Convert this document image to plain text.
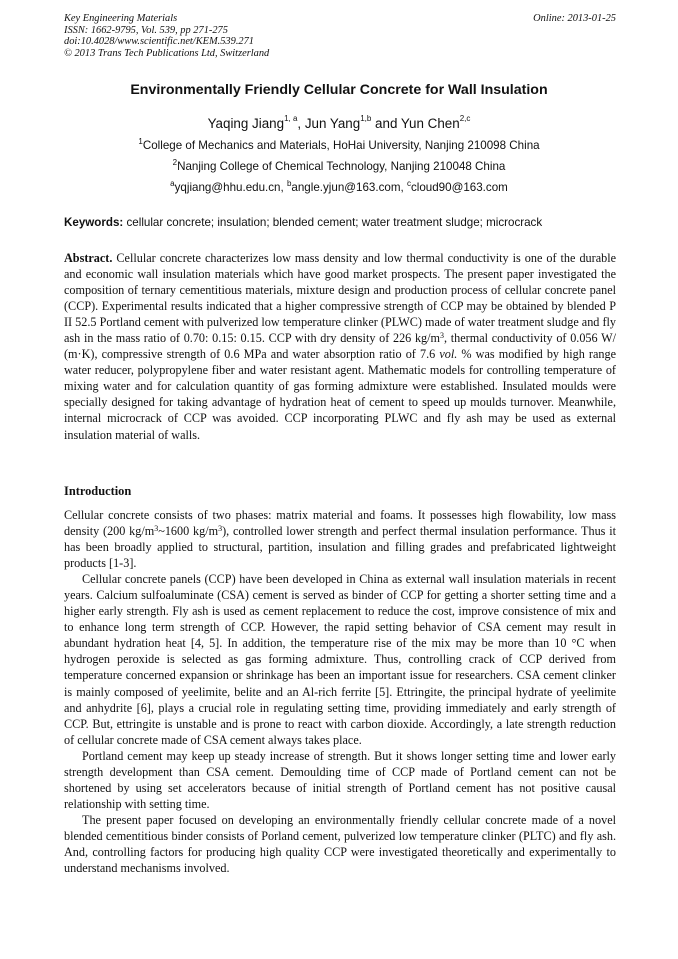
Key Engineering Materials
ISSN: 1662-9795, Vol. 539, pp 271-275
doi:10.4028/www.scientific.net/KEM.539.271
© 2013 Trans Tech Publications Ltd, Switzerland
Online: 2013-01-25
Environmentally Friendly Cellular Concrete for Wall Insulation
Yaqing Jiang$^{1, a}$, Jun Yang$^{1,b}$ and Yun Chen$^{2,c}$
$^1$College of Mechanics and Materials, HoHai University, Nanjing 210098 China
$^2$Nanjing College of Chemical Technology, Nanjing 210048 China
$^a$yqjiang@hhu.edu.cn, $^b$angle.yjun@163.com, $^c$cloud90@163.com
Keywords: cellular concrete; insulation; blended cement; water treatment sludge; microcrack

Abstract. Cellular concrete characterizes low mass density and low thermal conductivity is one of the durable and economic wall insulation materials which have good market prospects. The present paper investigated the composition of ternary cementitious materials, mixture design and production process of cellular concrete panel (CCP). Experimental results indicated that a higher compressive strength of CCP may be obtained by blended P II 52.5 Portland cement with pulverized low temperature clinker (PLWC) made of water treatment sludge and fly ash in the mass ratio of 0.70: 0.15: 0.15. CCP with dry density of 226 $kg/m^3$, thermal conductivity of 0.056 W/ (m·K), compressive strength of 0.6 MPa and water absorption ratio of 7.6 vol. % was modified by high range water reducer, polypropylene fiber and water resistant agent. Mathematic models for controlling temperature of mixing water and for calculation quantity of gas forming admixture were established. Insulated moulds were specially designed for taking advantage of hydration heat of cement to speed up moulds turnover. Meanwhile, internal microcrack of CCP was avoided. CCP incorporating PLWC and fly ash may be used as external insulation material of walls.

Introduction

Cellular concrete consists of two phases: matrix material and foams. It possesses high flowability, low mass density (200 $kg/m^3\sim 1600$ $kg/m^3$), controlled lower strength and perfect thermal insulation performance. Thus it has been broadly applied to structural, partition, insulation and filling grades and prefabricated lightweight products [1-3].

Cellular concrete panels (CCP) have been developed in China as external wall insulation materials in recent years. Calcium sulfoaluminate (CSA) cement is served as binder of CCP for getting a shorter setting time and a higher early strength. Fly ash is used as cement replacement to reduce the cost, improve consistence of mix and to enhance long term strength of CCP. However, the rapid setting behavior of CSA cement may result in abundant hydration heat [4, 5]. In addition, the temperature rise of the mix may be more than 10 °C when hydrogen peroxide is selected as gas forming admixture. Thus, controlling crack of CCP derived from temperature concerned expansion or shrinkage has been an important issue for researchers. CSA cement clinker is mainly composed of yeelimite, belite and an Al-rich ferrite [5]. Ettringite, the principal hydrate of yeelimite and anhydrite [6], plays a crucial role in regulating setting time, providing immediately and early strength of CCP. But, ettringite is unstable and is prone to react with carbon dioxide. Accordingly, a late strength reduction of cellular concrete made of CSA cement always takes place.

Portland cement may keep up steady increase of strength. But it shows longer setting time and lower early strength development than CSA cement. Demoulding time of CCP made of Portland cement can not be shortened by using set accelerators because of initial strength of Portland cement has not positive causal relationship with setting time.

The present paper focused on developing an environmentally friendly cellular concrete made of a novel blended cementitious binder consists of Porland cement, pulverized low temperature clinker (PLTC) and fly ash. And, controlling factors for producing high quality CCP were investigated theoretically and experimentally to understand mechanisms involved.
